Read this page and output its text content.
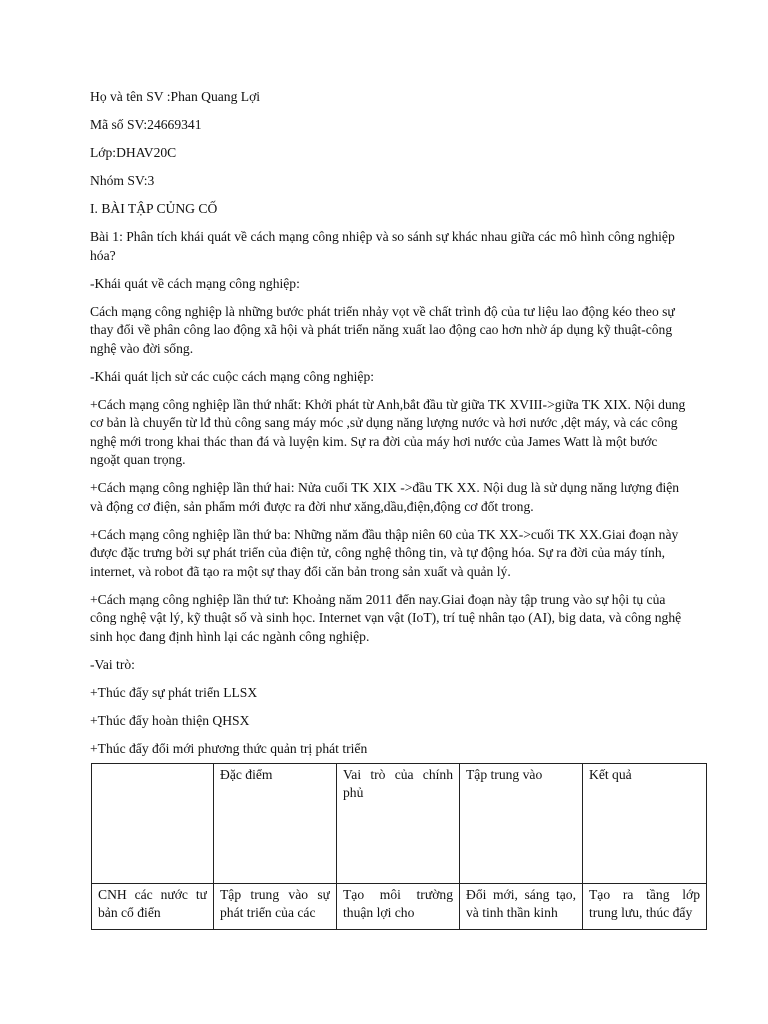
Họ và tên SV :Phan Quang Lợi

Mã số SV:24669341

Lớp:DHAV20C

Nhóm SV:3

I. BÀI TẬP CỦNG CỐ

Bài 1: Phân tích khái quát về cách mạng công nhiệp và so sánh sự khác nhau giữa các mô hình công nghiệp hóa?

-Khái quát về cách mạng công nghiệp:

Cách mạng công nghiệp là những bước phát triển nhảy vọt về chất trình độ của tư liệu lao động kéo theo sự thay đổi về phân công lao động xã hội và phát triển năng xuất lao động cao hơn nhờ áp dụng kỹ thuật-công nghệ vào đời sống.

-Khái quát lịch sử các cuộc cách mạng công nghiệp:

+Cách mạng công nghiệp lần thứ nhất: Khởi phát từ Anh,bắt đầu từ giữa TK XVIII->giữa TK XIX. Nội dung cơ bản là chuyển từ lđ thủ công sang máy móc ,sử dụng năng lượng nước và hơi nước ,dệt máy, và các công nghệ mới trong khai thác than đá và luyện kim. Sự ra đời của máy hơi nước của James Watt là một bước ngoặt quan trọng.

+Cách mạng công nghiệp lần thứ hai: Nửa cuối TK XIX ->đầu TK XX. Nội dug là sử dụng năng lượng điện và động cơ điện, sản phẩm mới được ra đời như xăng,dầu,điện,động cơ đốt trong.

+Cách mạng công nghiệp lần thứ ba: Những năm đầu thập niên 60 của TK XX->cuối TK XX.Giai đoạn này được đặc trưng bởi sự phát triển của điện tử, công nghệ thông tin, và tự động hóa. Sự ra đời của máy tính, internet, và robot đã tạo ra một sự thay đổi căn bản trong sản xuất và quản lý.

+Cách mạng công nghiệp lần thứ tư: Khoảng năm 2011 đến nay.Giai đoạn này tập trung vào sự hội tụ của công nghệ vật lý, kỹ thuật số và sinh học. Internet vạn vật (IoT), trí tuệ nhân tạo (AI), big data, và công nghệ sinh học đang định hình lại các ngành công nghiệp.

-Vai trò:

+Thúc đẩy sự phát triển LLSX

+Thúc đẩy hoàn thiện QHSX

+Thúc đẩy đổi mới phương thức quản trị phát triển

	Đặc điểm	Vai trò của chính phủ	Tập trung vào	Kết quả

CNH các nước tư bản cổ điển	Tập trung vào sự phát triển của các	Tạo môi trường thuận lợi cho	Đổi mới, sáng tạo, và tinh thần kinh	Tạo ra tầng lớp trung lưu, thúc đẩy
